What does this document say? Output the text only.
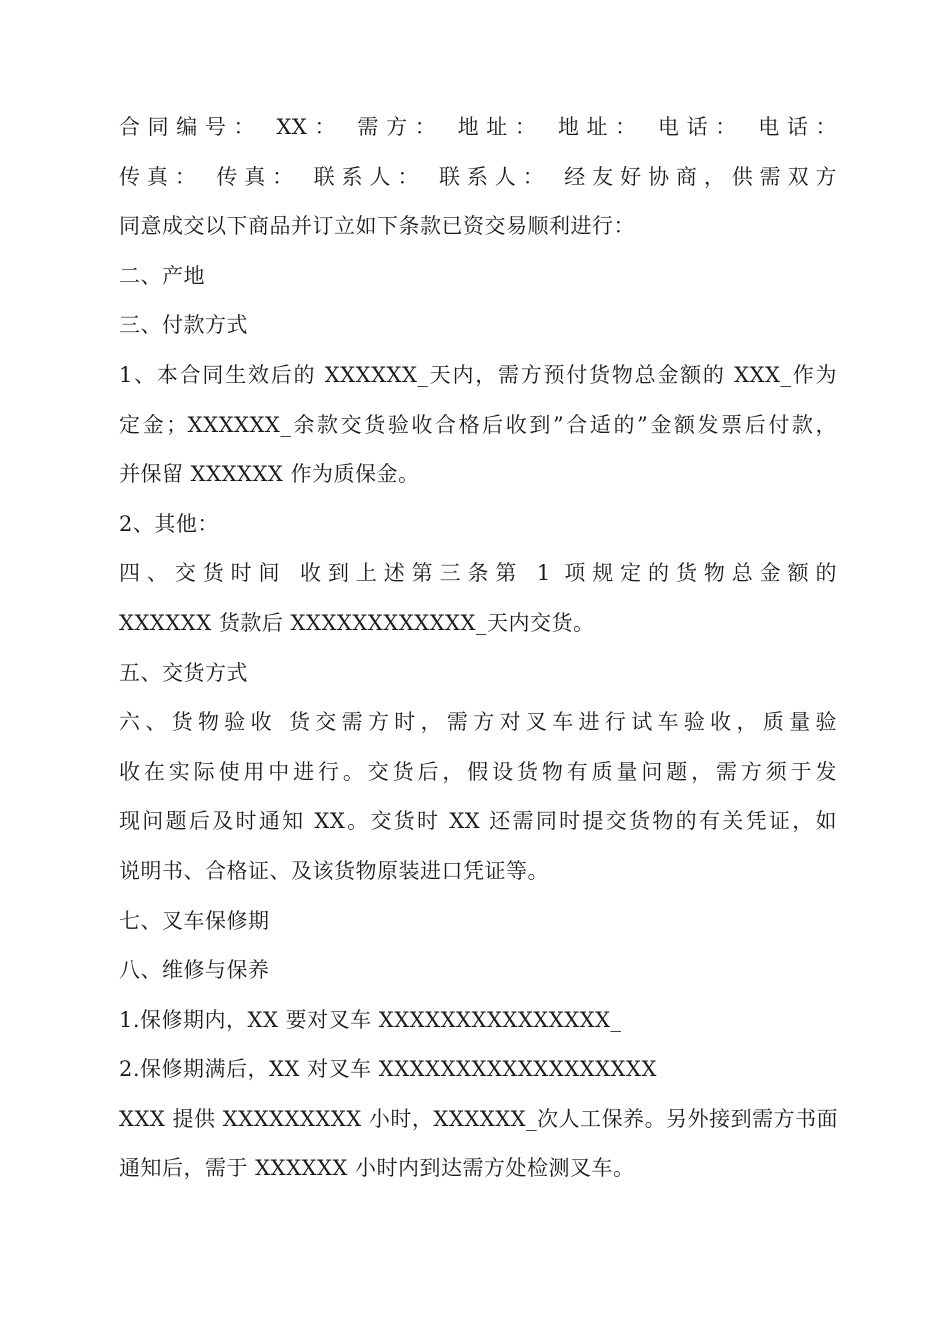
合同编号： XX： 需方： 地址： 地址： 电话： 电话：
传真： 传真： 联系人： 联系人： 经友好协商，供需双方
同意成交以下商品并订立如下条款已资交易顺利进行：
二、产地
三、付款方式
1、本合同生效后的 XXXXXX_天内，需方预付货物总金额的 XXX_作为
定金；XXXXXX_余款交货验收合格后收到”合适的”金额发票后付款，
并保留 XXXXXX 作为质保金。
2、其他：
四、交货时间 收到上述第三条第 1 项规定的货物总金额的
XXXXXX 货款后 XXXXXXXXXXXX_天内交货。
五、交货方式
六、货物验收 货交需方时，需方对叉车进行试车验收，质量验
收在实际使用中进行。交货后，假设货物有质量问题，需方须于发
现问题后及时通知 XX。交货时 XX 还需同时提交货物的有关凭证，如
说明书、合格证、及该货物原装进口凭证等。
七、叉车保修期
八、维修与保养
1.保修期内，XX 要对叉车 XXXXXXXXXXXXXXX_
2.保修期满后，XX 对叉车 XXXXXXXXXXXXXXXXXX
XXX 提供 XXXXXXXXX 小时，XXXXXX_次人工保养。另外接到需方书面
通知后，需于 XXXXXX 小时内到达需方处检测叉车。
